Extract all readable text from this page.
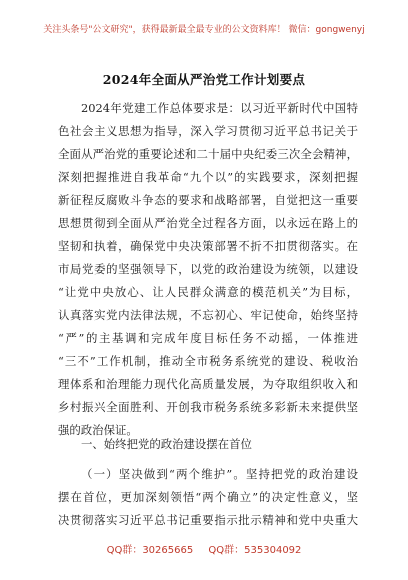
关注头条号"公文研究"，获得最新最全最专业的公文资料库！ 微信：gongwenyj
2024年全面从严治党工作计划要点
2024年党建工作总体要求是：以习近平新时代中国特
色社会主义思想为指导，深入学习贯彻习近平总书记关于
全面从严治党的重要论述和二十届中央纪委三次全会精神，
深刻把握推进自我革命“九个以”的实践要求，深刻把握
新征程反腐败斗争态的要求和战略部署，自觉把这一重要
思想贯彻到全面从严治党全过程各方面，以永远在路上的
坚韧和执着，确保党中央决策部署不折不扣贯彻落实。在
市局党委的坚强领导下，以党的政治建设为统领，以建设
“让党中央放心、让人民群众满意的模范机关”为目标，
认真落实党内法律法规，不忘初心、牢记使命，始终坚持
“严”的主基调和完成年度目标任务不动摇，一体推进
“三不”工作机制，推动全市税务系统党的建设、税收治
理体系和治理能力现代化高质量发展，为夺取组织收入和
乡村振兴全面胜利、开创我市税务系统多彩新未来提供坚
强的政治保证。
一、始终把党的政治建设摆在首位
（一）坚决做到“两个维护”。坚持把党的政治建设
摆在首位，更加深刻领悟“两个确立”的决定性意义，坚
决贯彻落实习近平总书记重要指示批示精神和党中央重大
QQ群：30265665 QQ群：535304092
